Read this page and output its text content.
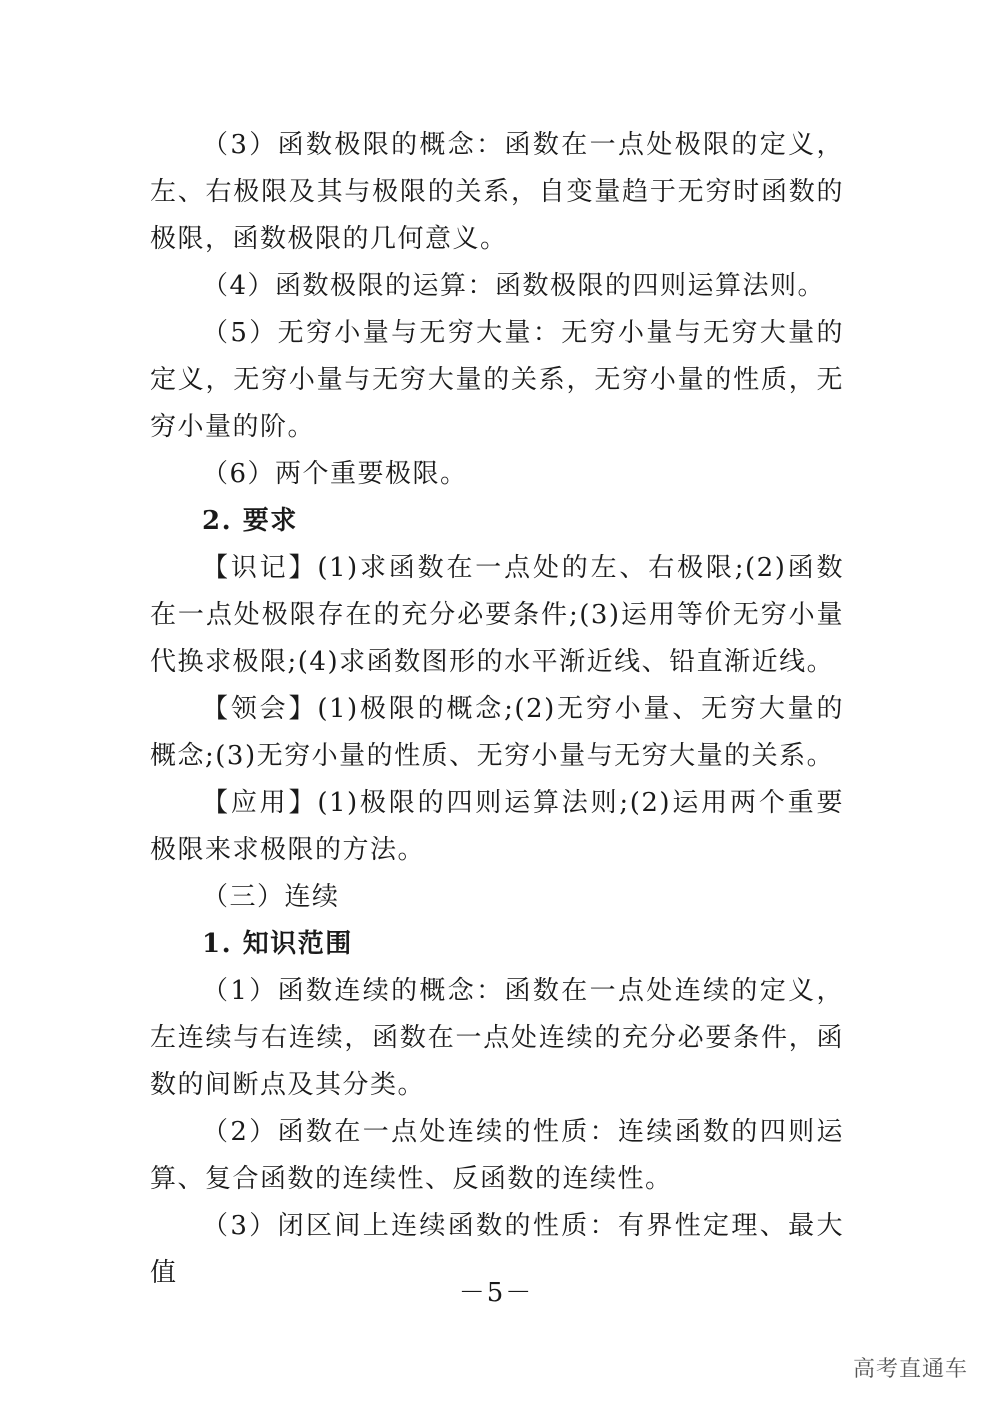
（3）函数极限的概念：函数在一点处极限的定义，左、右极限及其与极限的关系，自变量趋于无穷时函数的极限，函数极限的几何意义。

（4）函数极限的运算：函数极限的四则运算法则。

（5）无穷小量与无穷大量：无穷小量与无穷大量的定义，无穷小量与无穷大量的关系，无穷小量的性质，无穷小量的阶。

（6）两个重要极限。

2. 要求

【识记】(1)求函数在一点处的左、右极限;(2)函数在一点处极限存在的充分必要条件;(3)运用等价无穷小量代换求极限;(4)求函数图形的水平渐近线、铅直渐近线。

【领会】(1)极限的概念;(2)无穷小量、无穷大量的概念;(3)无穷小量的性质、无穷小量与无穷大量的关系。

【应用】(1)极限的四则运算法则;(2)运用两个重要极限来求极限的方法。

（三）连续

1. 知识范围

（1）函数连续的概念：函数在一点处连续的定义，左连续与右连续，函数在一点处连续的充分必要条件，函数的间断点及其分类。

（2）函数在一点处连续的性质：连续函数的四则运算、复合函数的连续性、反函数的连续性。

（3）闭区间上连续函数的性质：有界性定理、最大值

－5－
高考直通车
